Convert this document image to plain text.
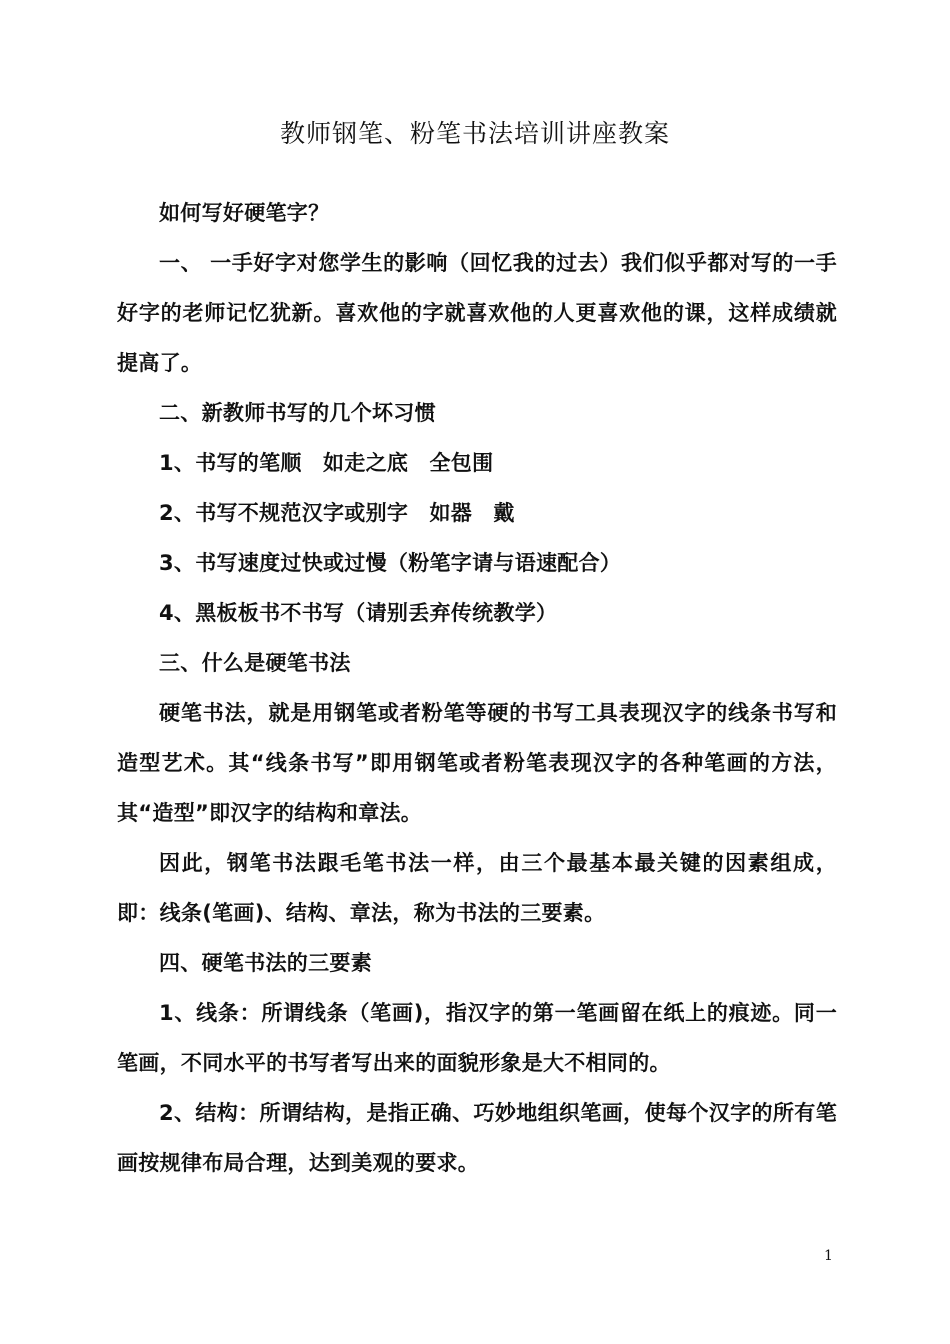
教师钢笔、粉笔书法培训讲座教案

如何写好硬笔字？

一、 一手好字对您学生的影响（回忆我的过去）我们似乎都对写的一手好字的老师记忆犹新。喜欢他的字就喜欢他的人更喜欢他的课，这样成绩就提高了。

二、新教师书写的几个坏习惯

1、书写的笔顺　如走之底　全包围

2、书写不规范汉字或别字　如器　戴

3、书写速度过快或过慢（粉笔字请与语速配合）

4、黑板板书不书写（请别丢弃传统教学）

三、什么是硬笔书法

硬笔书法，就是用钢笔或者粉笔等硬的书写工具表现汉字的线条书写和造型艺术。其“线条书写”即用钢笔或者粉笔表现汉字的各种笔画的方法，其“造型”即汉字的结构和章法。

因此，钢笔书法跟毛笔书法一样，由三个最基本最关键的因素组成，即：线条(笔画)、结构、章法，称为书法的三要素。

四、硬笔书法的三要素

1、线条：所谓线条（笔画)，指汉字的第一笔画留在纸上的痕迹。同一笔画，不同水平的书写者写出来的面貌形象是大不相同的。

2、结构：所谓结构，是指正确、巧妙地组织笔画，使每个汉字的所有笔画按规律布局合理，达到美观的要求。

1
